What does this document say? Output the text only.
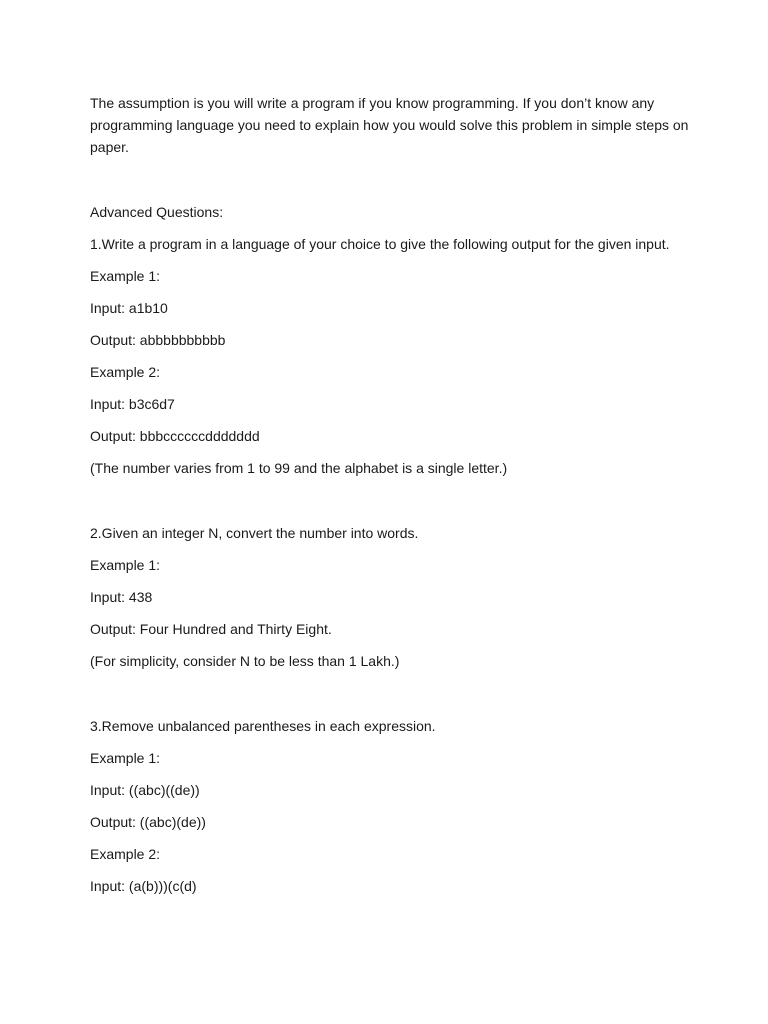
The assumption is you will write a program if you know programming. If you don’t know any programming language you need to explain how you would solve this problem in simple steps on paper.

Advanced Questions:

1.Write a program in a language of your choice to give the following output for the given input.

Example 1:

Input: a1b10

Output: abbbbbbbbbb

Example 2:

Input: b3c6d7

Output: bbbccccccddddddd

(The number varies from 1 to 99 and the alphabet is a single letter.)

2.Given an integer N, convert the number into words.

Example 1:

Input: 438

Output: Four Hundred and Thirty Eight.

(For simplicity, consider N to be less than 1 Lakh.)

3.Remove unbalanced parentheses in each expression.

Example 1:

Input: ((abc)((de))

Output: ((abc)(de))

Example 2:

Input: (a(b)))(c(d)
